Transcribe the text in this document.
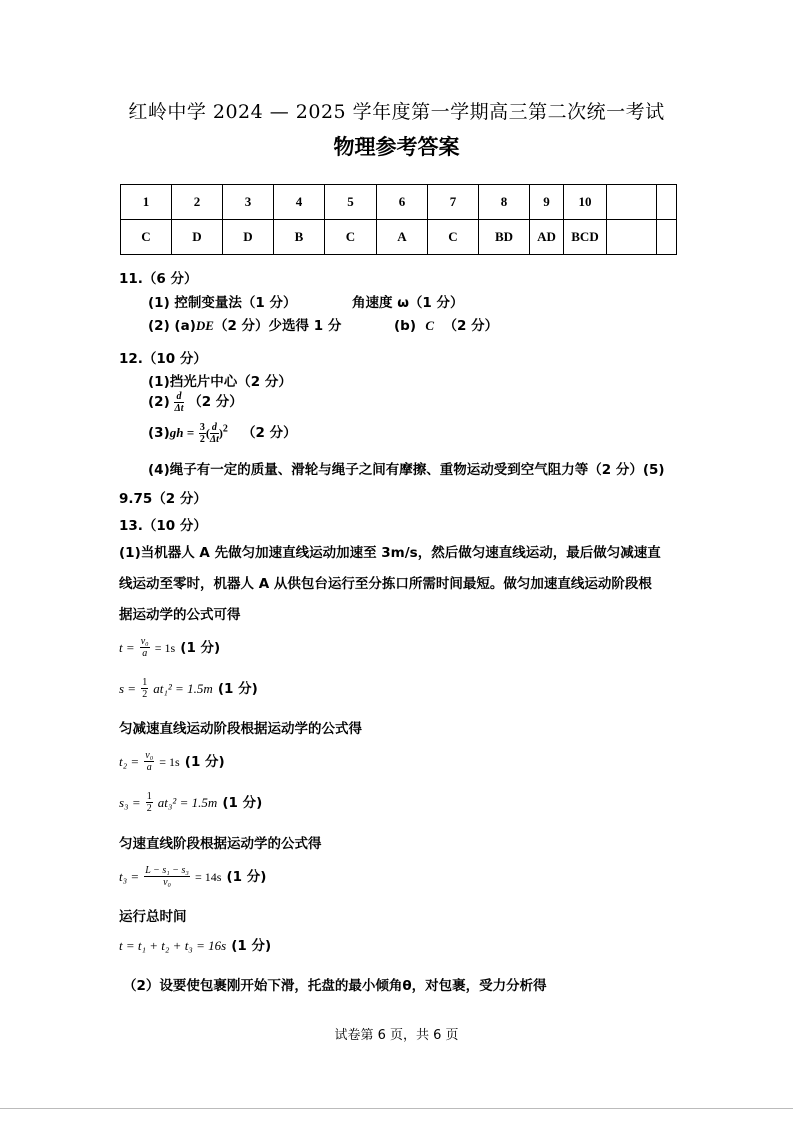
红岭中学 2024 — 2025 学年度第一学期高三第二次统一考试
物理参考答案
1	2	3	4	5	6	7	8	9	10		
C	D	D	B	C	A	C	BD	AD	BCD		
11.（6 分）
(1) 控制变量法（1 分）	角速度 ω（1 分）
(2) (a)DE（2 分）少选得 1 分	(b) C （2 分）
12.（10 分）
(1)挡光片中心（2 分）
$(2) \frac{d}{\Delta t} (2$ 分）
$(3)gh = \frac{3}{2}$ ( $\frac{d}{\Delta t} )^2$ （2 分）
(4)绳子有一定的质量、滑轮与绳子之间有摩擦、重物运动受到空气阻力等（2 分）(5)
9.75（2 分）
13.（10 分）
(1)当机器人 A 先做匀加速直线运动加速至 3m/s，然后做匀速直线运动，最后做匀减速直
线运动至零时，机器人 A 从供包台运行至分拣口所需时间最短。做匀加速直线运动阶段根
据运动学的公式可得
$t = \frac{\text{v₀}}{a} = 1s$ (1 分)
$s = \frac{1}{2} at_1^2 = 1.5m$ (1 分)
匀减速直线运动阶段根据运动学的公式得
$t_2 = \frac{\text{v₀}}{a} = 1s$ (1 分)
$s_3 = \frac{1}{2} at_3^2 = 1.5m$ (1 分)
匀速直线阶段根据运动学的公式得
$t_3 = \frac{\text{L − s₁ − s₃}}{\text{v₀}} = 14s$ (1 分)
运行总时间
t = t₁ + t₂ + t₃ = 16s (1 分)
（2）设要使包裹刚开始下滑，托盘的最小倾角θ，对包裹，受力分析得
试卷第 6 页，共 6 页
